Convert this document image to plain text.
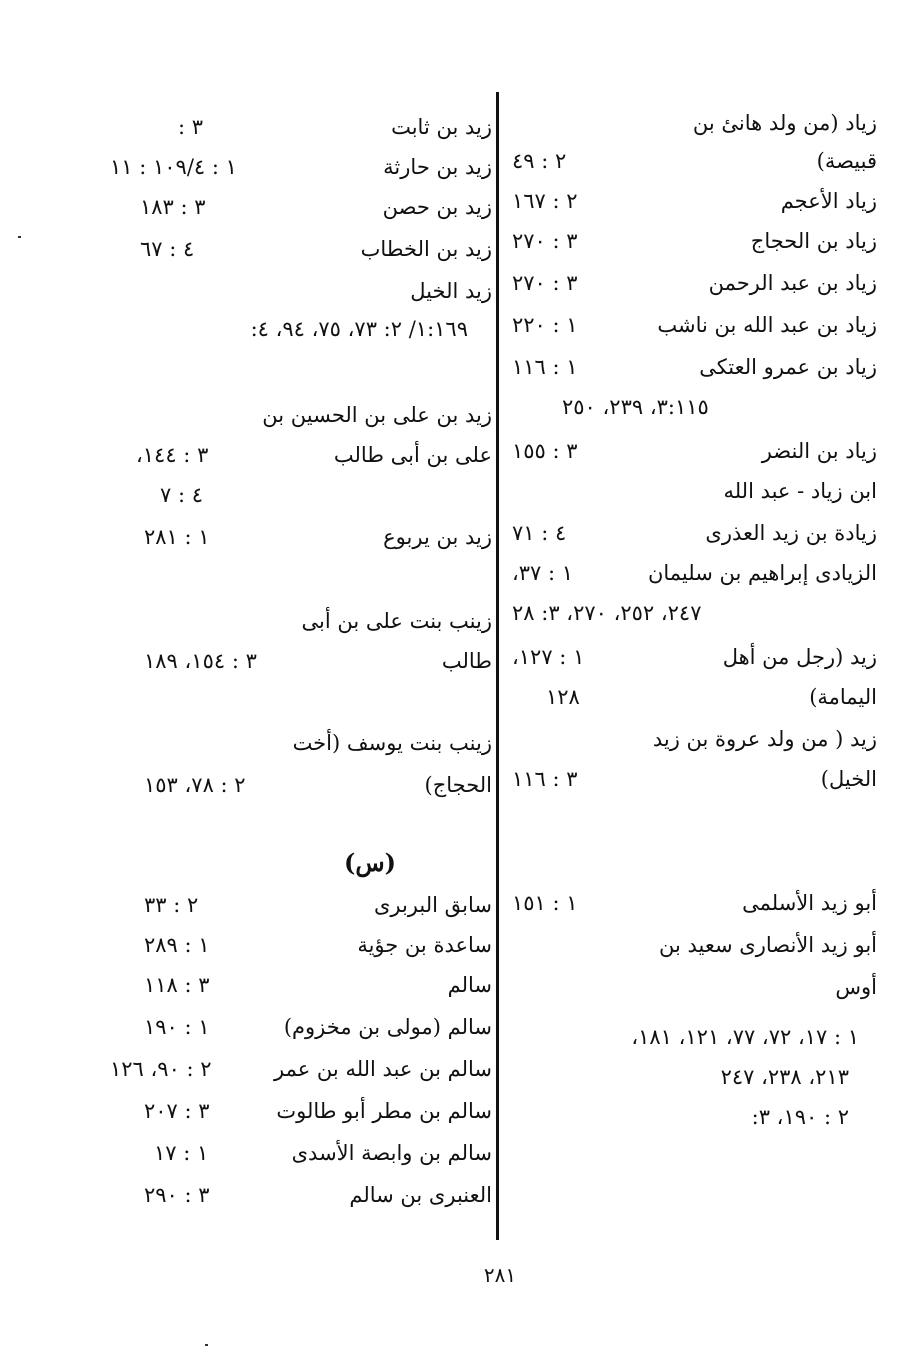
زياد (من ولد هانئ بن
قبيصة)
٢ : ٤٩
زياد الأعجم
٢ : ١٦٧
زياد بن الحجاج
٣ : ٢٧٠
زياد بن عبد الرحمن
٣ : ٢٧٠
زياد بن عبد الله بن ناشب
١ : ٢٢٠
زياد بن عمرو العتكى
١ : ١١٦
٣:١١٥، ٢٣٩، ٢٥٠
زياد بن النضر
٣ : ١٥٥
ابن زياد - عبد الله
زيادة بن زيد العذرى
٤ : ٧١
الزيادى إبراهيم بن سليمان
١ : ٣٧،
٢٤٧، ٢٥٢، ٢٧٠، ٣: ٢٨
زيد (رجل من أهل
١ : ١٢٧،
اليمامة)
١٢٨
زيد ( من ولد عروة بن زيد
الخيل)
٣ : ١١٦
أبو زيد الأسلمى
١ : ١٥١
أبو زيد الأنصارى سعيد بن
أوس
١ : ١٧، ٧٢، ٧٧، ١٢١، ١٨١،
٢١٣، ٢٣٨، ٢٤٧
٢ : ١٩٠، ٣:
زيد بن ثابت
٣ :
زيد بن حارثة
١ : ١٠٩/٤ : ١١
زيد بن حصن
٣ : ١٨٣
زيد بن الخطاب
٤ : ٦٧
زيد الخيل
١:١٦٩/ ٢: ٧٣، ٧٥، ٩٤، ٤:
زيد بن على بن الحسين بن
على بن أبى طالب
٣ : ١٤٤،
٤ : ٧
زيد بن يربوع
١ : ٢٨١
زينب بنت على بن أبى
طالب
٣ : ١٥٤، ١٨٩
زينب بنت يوسف (أخت
الحجاج)
٢ : ٧٨، ١٥٣
سابق البربرى
٢ : ٣٣
ساعدة بن جؤية
١ : ٢٨٩
سالم
٣ : ١١٨
سالم (مولى بن مخزوم)
١ : ١٩٠
سالم بن عبد الله بن عمر
٢ : ٩٠، ١٢٦
سالم بن مطر أبو طالوت
٣ : ٢٠٧
سالم بن وابصة الأسدى
١ : ١٧
العنبرى بن سالم
٣ : ٢٩٠
(س)
٢٨١
